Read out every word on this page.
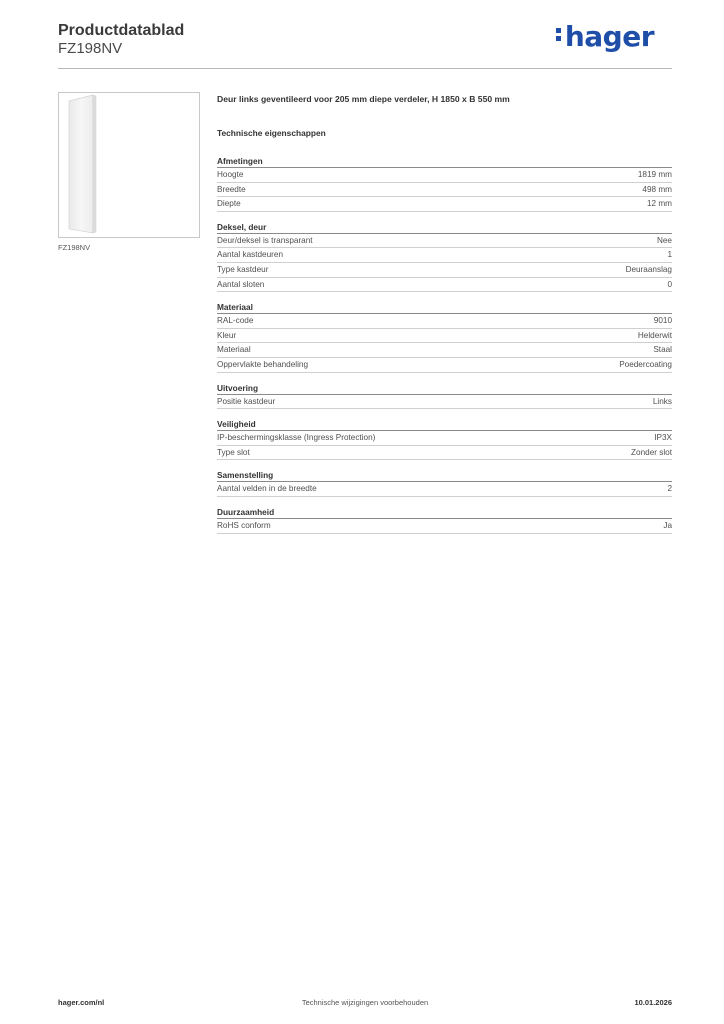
Productdatablad
FZ198NV	hager
FZ198NV
Deur links geventileerd voor 205 mm diepe verdeler, H 1850 x B 550 mm
Technische eigenschappen
Afmetingen
Hoogte	1819 mm
Breedte	498 mm
Diepte	12 mm
Deksel, deur
Deur/deksel is transparant	Nee
Aantal kastdeuren	1
Type kastdeur	Deuraanslag
Aantal sloten	0
Materiaal
RAL-code	9010
Kleur	Helderwit
Materiaal	Staal
Oppervlakte behandeling	Poedercoating
Uitvoering
Positie kastdeur	Links
Veiligheid
IP-beschermingsklasse (Ingress Protection)	IP3X
Type slot	Zonder slot
Samenstelling
Aantal velden in de breedte	2
Duurzaamheid
RoHS conform	Ja
hager.com/nl	Technische wijzigingen voorbehouden	10.01.2026
